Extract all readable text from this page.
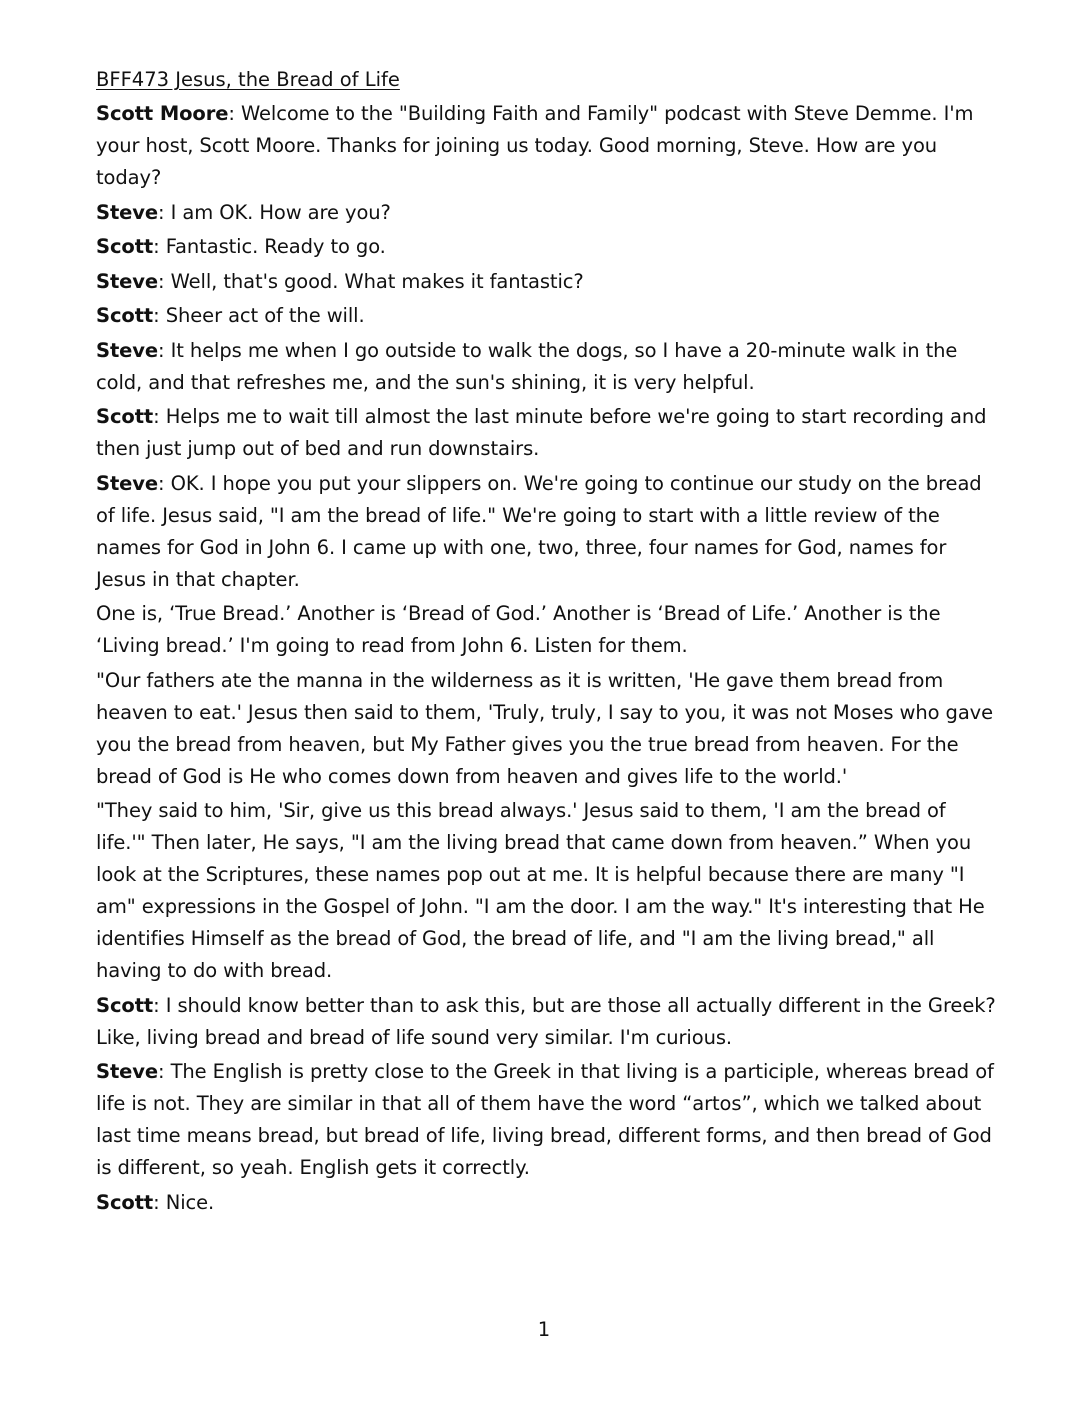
BFF473 Jesus, the Bread of Life

Scott Moore: Welcome to the "Building Faith and Family" podcast with Steve Demme. I'm your host, Scott Moore. Thanks for joining us today. Good morning, Steve. How are you today?

Steve: I am OK. How are you?

Scott: Fantastic. Ready to go.

Steve: Well, that's good. What makes it fantastic?

Scott: Sheer act of the will.

Steve: It helps me when I go outside to walk the dogs, so I have a 20-minute walk in the cold, and that refreshes me, and the sun's shining, it is very helpful.

Scott: Helps me to wait till almost the last minute before we're going to start recording and then just jump out of bed and run downstairs.

Steve: OK. I hope you put your slippers on. We're going to continue our study on the bread of life. Jesus said, "I am the bread of life." We're going to start with a little review of the names for God in John 6. I came up with one, two, three, four names for God, names for Jesus in that chapter.

One is, ‘True Bread.’ Another is ‘Bread of God.’ Another is ‘Bread of Life.’ Another is the ‘Living bread.’ I'm going to read from John 6. Listen for them.

"Our fathers ate the manna in the wilderness as it is written, 'He gave them bread from heaven to eat.' Jesus then said to them, 'Truly, truly, I say to you, it was not Moses who gave you the bread from heaven, but My Father gives you the true bread from heaven. For the bread of God is He who comes down from heaven and gives life to the world.'

"They said to him, 'Sir, give us this bread always.' Jesus said to them, 'I am the bread of life.'" Then later, He says, "I am the living bread that came down from heaven.” When you look at the Scriptures, these names pop out at me. It is helpful because there are many "I am" expressions in the Gospel of John. "I am the door. I am the way." It's interesting that He identifies Himself as the bread of God, the bread of life, and "I am the living bread," all having to do with bread.

Scott: I should know better than to ask this, but are those all actually different in the Greek? Like, living bread and bread of life sound very similar. I'm curious.

Steve: The English is pretty close to the Greek in that living is a participle, whereas bread of life is not. They are similar in that all of them have the word “artos”, which we talked about last time means bread, but bread of life, living bread, different forms, and then bread of God is different, so yeah. English gets it correctly.

Scott: Nice.

1
